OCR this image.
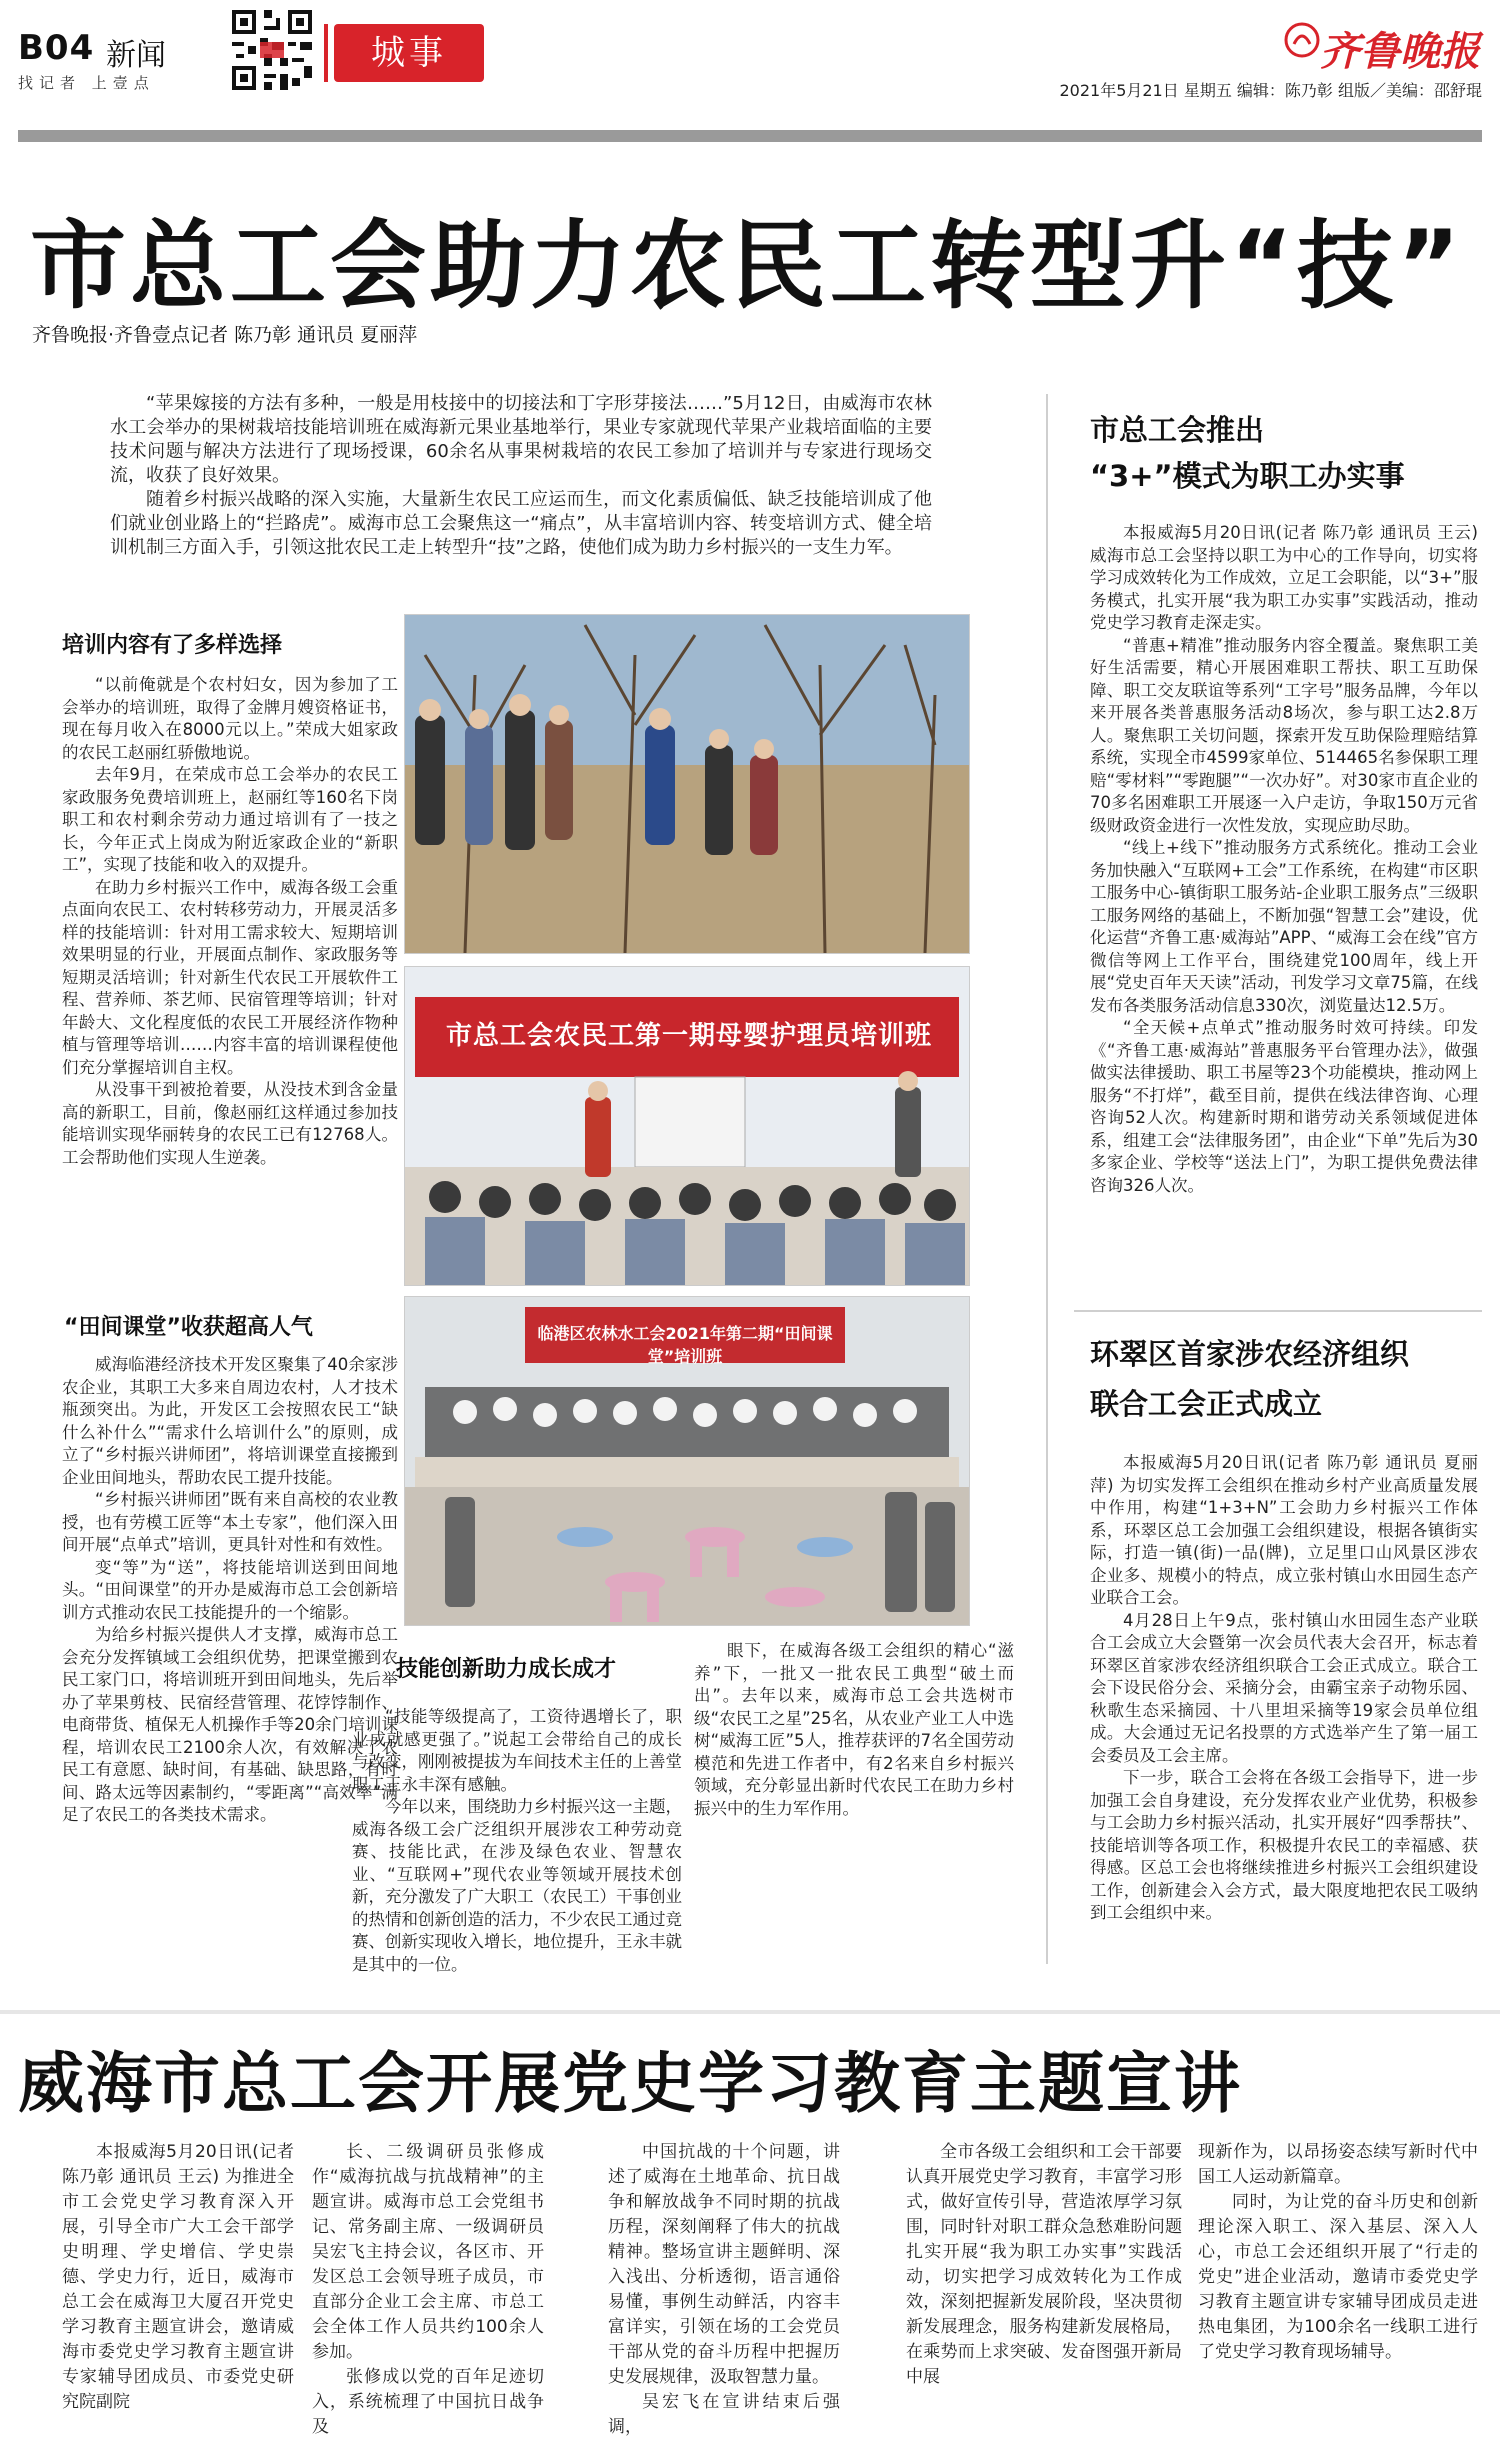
B04 新闻
找记者 上壹点
城事	齐鲁晚报
2021年5月21日 星期五 编辑：陈乃彰 组版／美编：邵舒琨
市总工会助力农民工转型升“技”
齐鲁晚报·齐鲁壹点记者 陈乃彰 通讯员 夏丽萍

“苹果嫁接的方法有多种，一般是用枝接中的切接法和丁字形芽接法……”5月12日，由威海市农林水工会举办的果树栽培技能培训班在威海新元果业基地举行，果业专家就现代苹果产业栽培面临的主要技术问题与解决方法进行了现场授课，60余名从事果树栽培的农民工参加了培训并与专家进行现场交流，收获了良好效果。

随着乡村振兴战略的深入实施，大量新生农民工应运而生，而文化素质偏低、缺乏技能培训成了他们就业创业路上的“拦路虎”。威海市总工会聚焦这一“痛点”，从丰富培训内容、转变培训方式、健全培训机制三方面入手，引领这批农民工走上转型升“技”之路，使他们成为助力乡村振兴的一支生力军。

培训内容有了多样选择

“以前俺就是个农村妇女，因为参加了工会举办的培训班，取得了金牌月嫂资格证书，现在每月收入在8000元以上。”荣成大姐家政的农民工赵丽红骄傲地说。

去年9月，在荣成市总工会举办的农民工家政服务免费培训班上，赵丽红等160名下岗职工和农村剩余劳动力通过培训有了一技之长，今年正式上岗成为附近家政企业的“新职工”，实现了技能和收入的双提升。

在助力乡村振兴工作中，威海各级工会重点面向农民工、农村转移劳动力，开展灵活多样的技能培训：针对用工需求较大、短期培训效果明显的行业，开展面点制作、家政服务等短期灵活培训；针对新生代农民工开展软件工程、营养师、茶艺师、民宿管理等培训；针对年龄大、文化程度低的农民工开展经济作物种植与管理等培训……内容丰富的培训课程使他们充分掌握培训自主权。

从没事干到被抢着要，从没技术到含金量高的新职工，目前，像赵丽红这样通过参加技能培训实现华丽转身的农民工已有12768人。工会帮助他们实现人生逆袭。

“田间课堂”收获超高人气

威海临港经济技术开发区聚集了40余家涉农企业，其职工大多来自周边农村，人才技术瓶颈突出。为此，开发区工会按照农民工“缺什么补什么”“需求什么培训什么”的原则，成立了“乡村振兴讲师团”，将培训课堂直接搬到企业田间地头，帮助农民工提升技能。

“乡村振兴讲师团”既有来自高校的农业教授，也有劳模工匠等“本土专家”，他们深入田间开展“点单式”培训，更具针对性和有效性。

变“等”为“送”，将技能培训送到田间地头。“田间课堂”的开办是威海市总工会创新培训方式推动农民工技能提升的一个缩影。

为给乡村振兴提供人才支撑，威海市总工会充分发挥镇域工会组织优势，把课堂搬到农民工家门口，将培训班开到田间地头，先后举办了苹果剪枝、民宿经营管理、花饽饽制作、电商带货、植保无人机操作手等20余门培训课程，培训农民工2100余人次，有效解决了农民工有意愿、缺时间，有基础、缺思路，有时间、路太远等因素制约，“零距离”“高效率”满足了农民工的各类技术需求。

市总工会农民工第一期母婴护理员培训班
临港区农林水工会2021年第二期“田间课堂”培训班
技能创新助力成长成才

“技能等级提高了，工资待遇增长了，职业成就感更强了。”说起工会带给自己的成长与改变，刚刚被提拔为车间技术主任的上善堂职工王永丰深有感触。

今年以来，围绕助力乡村振兴这一主题，威海各级工会广泛组织开展涉农工种劳动竞赛、技能比武，在涉及绿色农业、智慧农业、“互联网+”现代农业等领域开展技术创新，充分激发了广大职工（农民工）干事创业的热情和创新创造的活力，不少农民工通过竞赛、创新实现收入增长，地位提升，王永丰就是其中的一位。

眼下，在威海各级工会组织的精心“滋养”下，一批又一批农民工典型“破土而出”。去年以来，威海市总工会共选树市级“农民工之星”25名，从农业产业工人中选树“威海工匠”5人，推荐获评的7名全国劳动模范和先进工作者中，有2名来自乡村振兴领域，充分彰显出新时代农民工在助力乡村振兴中的生力军作用。

市总工会推出
“3+”模式为职工办实事

本报威海5月20日讯(记者 陈乃彰 通讯员 王云) 威海市总工会坚持以职工为中心的工作导向，切实将学习成效转化为工作成效，立足工会职能，以“3+”服务模式，扎实开展“我为职工办实事”实践活动，推动党史学习教育走深走实。

“普惠+精准”推动服务内容全覆盖。聚焦职工美好生活需要，精心开展困难职工帮扶、职工互助保障、职工交友联谊等系列“工字号”服务品牌，今年以来开展各类普惠服务活动8场次，参与职工达2.8万人。聚焦职工关切问题，探索开发互助保险理赔结算系统，实现全市4599家单位、514465名参保职工理赔“零材料”“零跑腿”“一次办好”。对30家市直企业的70多名困难职工开展逐一入户走访，争取150万元省级财政资金进行一次性发放，实现应助尽助。

“线上+线下”推动服务方式系统化。推动工会业务加快融入“互联网+工会”工作系统，在构建“市区职工服务中心-镇街职工服务站-企业职工服务点”三级职工服务网络的基础上，不断加强“智慧工会”建设，优化运营“齐鲁工惠·威海站”APP、“威海工会在线”官方微信等网上工作平台，围绕建党100周年，线上开展“党史百年天天读”活动，刊发学习文章75篇，在线发布各类服务活动信息330次，浏览量达12.5万。

“全天候+点单式”推动服务时效可持续。印发《“齐鲁工惠·威海站”普惠服务平台管理办法》，做强做实法律援助、职工书屋等23个功能模块，推动网上服务“不打烊”，截至目前，提供在线法律咨询、心理咨询52人次。构建新时期和谐劳动关系领域促进体系，组建工会“法律服务团”，由企业“下单”先后为30多家企业、学校等“送法上门”，为职工提供免费法律咨询326人次。

环翠区首家涉农经济组织
联合工会正式成立

本报威海5月20日讯(记者 陈乃彰 通讯员 夏丽萍) 为切实发挥工会组织在推动乡村产业高质量发展中作用，构建“1+3+N”工会助力乡村振兴工作体系，环翠区总工会加强工会组织建设，根据各镇街实际，打造一镇(街)一品(牌)，立足里口山风景区涉农企业多、规模小的特点，成立张村镇山水田园生态产业联合工会。

4月28日上午9点，张村镇山水田园生态产业联合工会成立大会暨第一次会员代表大会召开，标志着环翠区首家涉农经济组织联合工会正式成立。联合工会下设民俗分会、采摘分会，由霸宝亲子动物乐园、秋歌生态采摘园、十八里坦采摘等19家会员单位组成。大会通过无记名投票的方式选举产生了第一届工会委员及工会主席。

下一步，联合工会将在各级工会指导下，进一步加强工会自身建设，充分发挥农业产业优势，积极参与工会助力乡村振兴活动，扎实开展好“四季帮扶”、技能培训等各项工作，积极提升农民工的幸福感、获得感。区总工会也将继续推进乡村振兴工会组织建设工作，创新建会入会方式，最大限度地把农民工吸纳到工会组织中来。

威海市总工会开展党史学习教育主题宣讲

本报威海5月20日讯(记者 陈乃彰 通讯员 王云) 为推进全市工会党史学习教育深入开展，引导全市广大工会干部学史明理、学史增信、学史崇德、学史力行，近日，威海市总工会在威海卫大厦召开党史学习教育主题宣讲会，邀请威海市委党史学习教育主题宣讲专家辅导团成员、市委党史研究院副院

长、二级调研员张修成作“威海抗战与抗战精神”的主题宣讲。威海市总工会党组书记、常务副主席、一级调研员吴宏飞主持会议，各区市、开发区总工会领导班子成员，市直部分企业工会主席、市总工会全体工作人员共约100余人参加。

张修成以党的百年足迹切入，系统梳理了中国抗日战争及

中国抗战的十个问题，讲述了威海在土地革命、抗日战争和解放战争不同时期的抗战历程，深刻阐释了伟大的抗战精神。整场宣讲主题鲜明、深入浅出、分析透彻，语言通俗易懂，事例生动鲜活，内容丰富详实，引领在场的工会党员干部从党的奋斗历程中把握历史发展规律，汲取智慧力量。

吴宏飞在宣讲结束后强调，

全市各级工会组织和工会干部要认真开展党史学习教育，丰富学习形式，做好宣传引导，营造浓厚学习氛围，同时针对职工群众急愁难盼问题扎实开展“我为职工办实事”实践活动，切实把学习成效转化为工作成效，深刻把握新发展阶段，坚决贯彻新发展理念，服务构建新发展格局，在乘势而上求突破、发奋图强开新局中展

现新作为，以昂扬姿态续写新时代中国工人运动新篇章。

同时，为让党的奋斗历史和创新理论深入职工、深入基层、深入人心，市总工会还组织开展了“行走的党史”进企业活动，邀请市委党史学习教育主题宣讲专家辅导团成员走进热电集团，为100余名一线职工进行了党史学习教育现场辅导。
